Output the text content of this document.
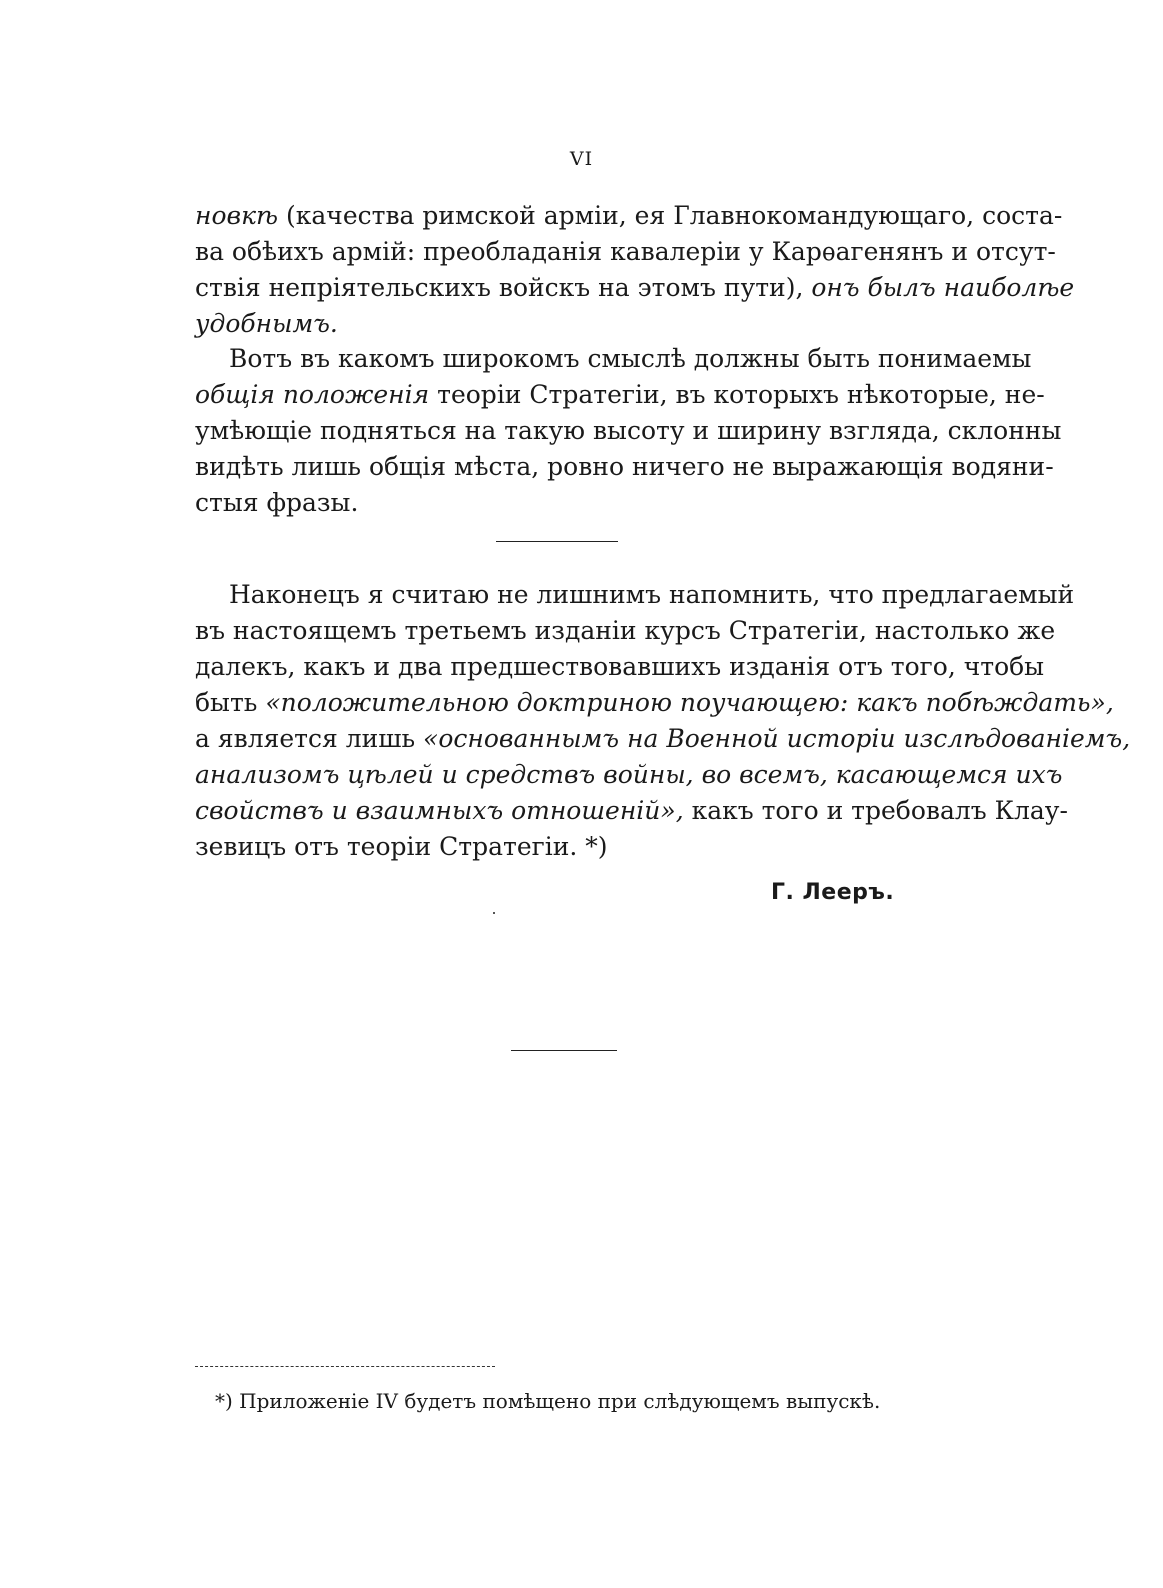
VI
новкѣ (качества римской арміи, ея Главнокомандующаго, соста-
ва обѣихъ армій: преобладанія кавалеріи у Карѳагенянъ и отсут-
ствія непріятельскихъ войскъ на этомъ пути), онъ былъ наиболѣе
удобнымъ.
Вотъ въ какомъ широкомъ смыслѣ должны быть понимаемы
общія положенія теоріи Стратегіи, въ которыхъ нѣкоторые, не-
умѣющіе подняться на такую высоту и ширину взгляда, склонны
видѣть лишь общія мѣста, ровно ничего не выражающія водяни-
стыя фразы.
Наконецъ я считаю не лишнимъ напомнить, что предлагаемый
въ настоящемъ третьемъ изданіи курсъ Стратегіи, настолько же
далекъ, какъ и два предшествовавшихъ изданія отъ того, чтобы
быть «положительною доктриною поучающею: какъ побѣждать»,
а является лишь «основаннымъ на Военной исторіи изслѣдованіемъ,
анализомъ цѣлей и средствъ войны, во всемъ, касающемся ихъ
свойствъ и взаимныхъ отношеній», какъ того и требовалъ Клау-
зевицъ отъ теоріи Стратегіи. *)
Г. Лееръ.
*) Приложеніе IV будетъ помѣщено при слѣдующемъ выпускѣ.
